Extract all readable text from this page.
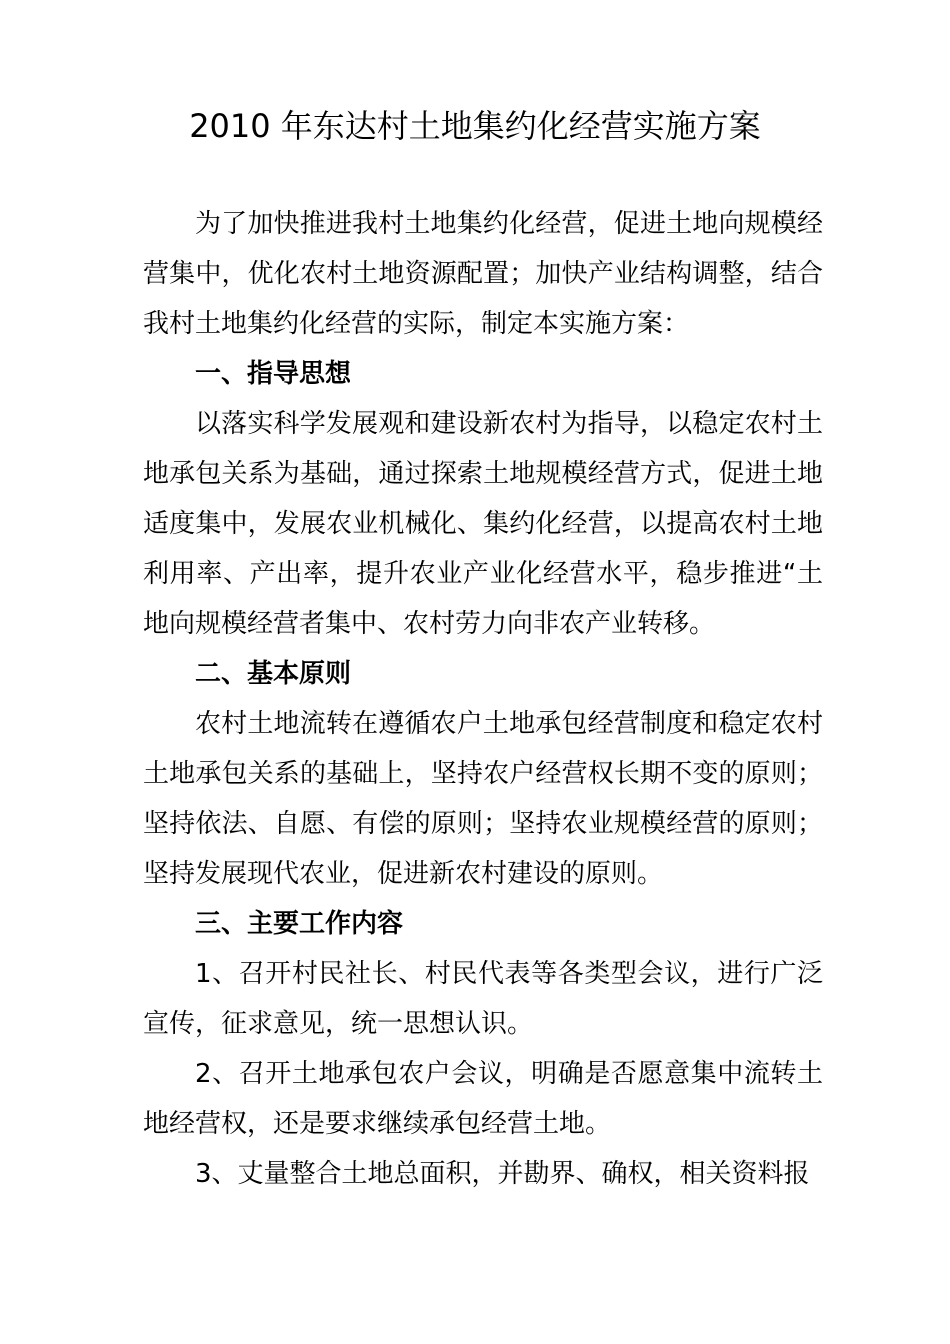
2010 年东达村土地集约化经营实施方案

为了加快推进我村土地集约化经营，促进土地向规模经营集中，优化农村土地资源配置；加快产业结构调整，结合我村土地集约化经营的实际，制定本实施方案：

一、指导思想

以落实科学发展观和建设新农村为指导，以稳定农村土地承包关系为基础，通过探索土地规模经营方式，促进土地适度集中，发展农业机械化、集约化经营，以提高农村土地利用率、产出率，提升农业产业化经营水平，稳步推进“土地向规模经营者集中、农村劳力向非农产业转移。

二、基本原则

农村土地流转在遵循农户土地承包经营制度和稳定农村土地承包关系的基础上，坚持农户经营权长期不变的原则；坚持依法、自愿、有偿的原则；坚持农业规模经营的原则；坚持发展现代农业，促进新农村建设的原则。

三、主要工作内容

1、召开村民社长、村民代表等各类型会议，进行广泛宣传，征求意见，统一思想认识。

2、召开土地承包农户会议，明确是否愿意集中流转土地经营权，还是要求继续承包经营土地。

3、丈量整合土地总面积，并勘界、确权，相关资料报
